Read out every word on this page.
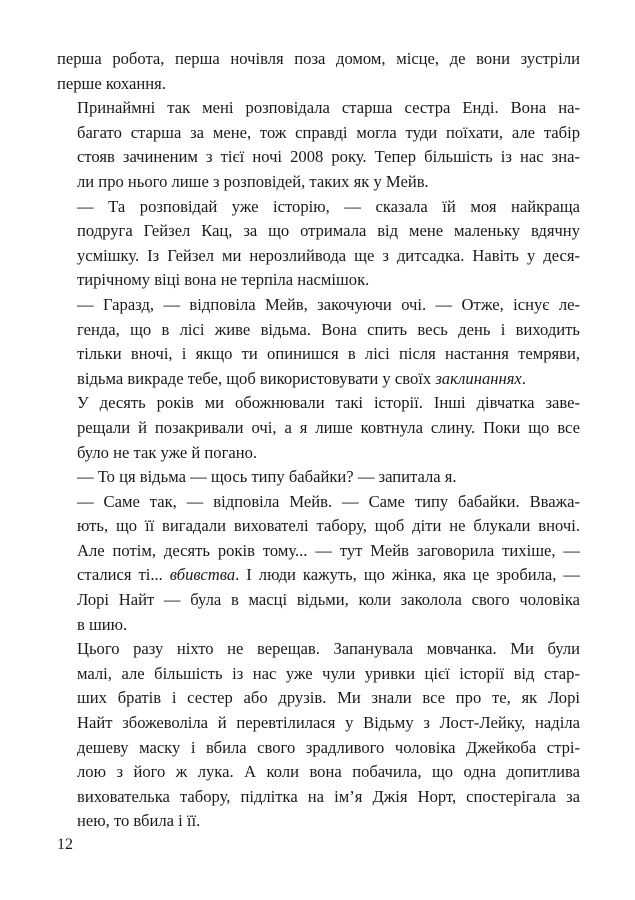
перша робота, перша ночівля поза домом, місце, де вони зустріли
перше кохання.
Принаймні так мені розповідала старша сестра Енді. Вона на-
багато старша за мене, тож справді могла туди поїхати, але табір
стояв зачиненим з тієї ночі 2008 року. Тепер більшість із нас зна-
ли про нього лише з розповідей, таких як у Мейв.
— Та розповідай уже історію, — сказала їй моя найкраща
подруга Гейзел Кац, за що отримала від мене маленьку вдячну
усмішку. Із Гейзел ми нерозлийвода ще з дитсадка. Навіть у деся-
тирічному віці вона не терпіла насмішок.
— Гаразд, — відповіла Мейв, закочуючи очі. — Отже, існує ле-
генда, що в лісі живе відьма. Вона спить весь день і виходить
тільки вночі, і якщо ти опинишся в лісі після настання темряви,
відьма викраде тебе, щоб використовувати у своїх заклинаннях.
У десять років ми обожнювали такі історії. Інші дівчатка заве-
рещали й позакривали очі, а я лише ковтнула слину. Поки що все
було не так уже й погано.
— То ця відьма — щось типу бабайки? — запитала я.
— Саме так, — відповіла Мейв. — Саме типу бабайки. Вважа-
ють, що її вигадали вихователі табору, щоб діти не блукали вночі.
Але потім, десять років тому... — тут Мейв заговорила тихіше, —
сталися ті... вбивства. І люди кажуть, що жінка, яка це зробила, —
Лорі Найт — була в масці відьми, коли заколола свого чоловіка
в шию.
Цього разу ніхто не верещав. Запанувала мовчанка. Ми були
малі, але більшість із нас уже чули уривки цієї історії від стар-
ших братів і сестер або друзів. Ми знали все про те, як Лорі
Найт збожеволіла й перевтілилася у Відьму з Лост-Лейку, наділа
дешеву маску і вбила свого зрадливого чоловіка Джейкоба стрі-
лою з його ж лука. А коли вона побачила, що одна допитлива
вихователька табору, підлітка на ім’я Джія Норт, спостерігала за
нею, то вбила і її.
12
